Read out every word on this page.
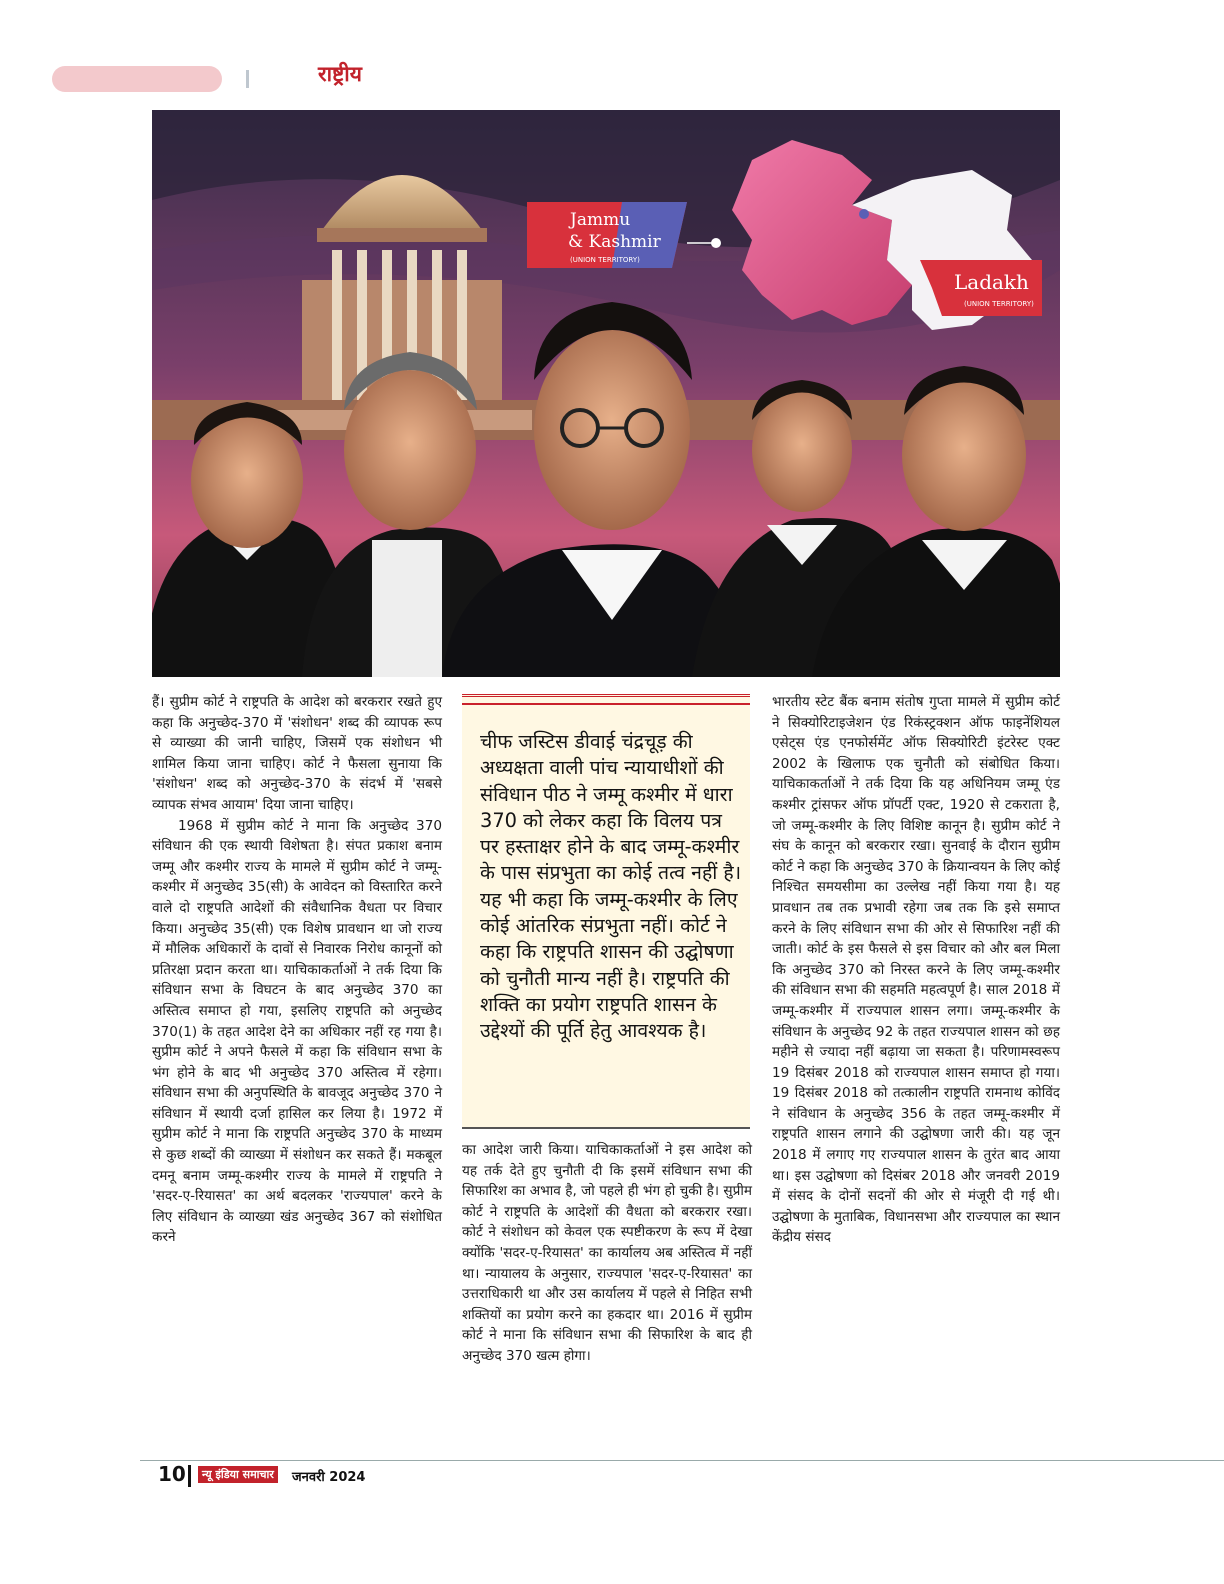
राष्ट्रीय
Jammu
& Kashmir
(UNION TERRITORY)
Ladakh
(UNION TERRITORY)

हैं। सुप्रीम कोर्ट ने राष्ट्रपति के आदेश को बरकरार रखते हुए कहा कि अनुच्छेद-370 में 'संशोधन' शब्द की व्यापक रूप से व्याख्या की जानी चाहिए, जिसमें एक संशोधन भी शामिल किया जाना चाहिए। कोर्ट ने फैसला सुनाया कि 'संशोधन' शब्द को अनुच्छेद-370 के संदर्भ में 'सबसे व्यापक संभव आयाम' दिया जाना चाहिए।

1968 में सुप्रीम कोर्ट ने माना कि अनुच्छेद 370 संविधान की एक स्थायी विशेषता है। संपत प्रकाश बनाम जम्मू और कश्मीर राज्य के मामले में सुप्रीम कोर्ट ने जम्मू-कश्मीर में अनुच्छेद 35(सी) के आवेदन को विस्तारित करने वाले दो राष्ट्रपति आदेशों की संवैधानिक वैधता पर विचार किया। अनुच्छेद 35(सी) एक विशेष प्रावधान था जो राज्य में मौलिक अधिकारों के दावों से निवारक निरोध कानूनों को प्रतिरक्षा प्रदान करता था। याचिकाकर्ताओं ने तर्क दिया कि संविधान सभा के विघटन के बाद अनुच्छेद 370 का अस्तित्व समाप्त हो गया, इसलिए राष्ट्रपति को अनुच्छेद 370(1) के तहत आदेश देने का अधिकार नहीं रह गया है। सुप्रीम कोर्ट ने अपने फैसले में कहा कि संविधान सभा के भंग होने के बाद भी अनुच्छेद 370 अस्तित्व में रहेगा। संविधान सभा की अनुपस्थिति के बावजूद अनुच्छेद 370 ने संविधान में स्थायी दर्जा हासिल कर लिया है। 1972 में सुप्रीम कोर्ट ने माना कि राष्ट्रपति अनुच्छेद 370 के माध्यम से कुछ शब्दों की व्याख्या में संशोधन कर सकते हैं। मकबूल दमनू बनाम जम्मू-कश्मीर राज्य के मामले में राष्ट्रपति ने 'सदर-ए-रियासत' का अर्थ बदलकर 'राज्यपाल' करने के लिए संविधान के व्याख्या खंड अनुच्छेद 367 को संशोधित करने

चीफ जस्टिस डीवाई चंद्रचूड़ की अध्यक्षता वाली पांच न्यायाधीशों की संविधान पीठ ने जम्मू कश्मीर में धारा 370 को लेकर कहा कि विलय पत्र पर हस्ताक्षर होने के बाद जम्मू-कश्मीर के पास संप्रभुता का कोई तत्व नहीं है। यह भी कहा कि जम्मू-कश्मीर के लिए कोई आंतरिक संप्रभुता नहीं। कोर्ट ने कहा कि राष्ट्रपति शासन की उद्घोषणा को चुनौती मान्य नहीं है। राष्ट्रपति की शक्ति का प्रयोग राष्ट्रपति शासन के उद्देश्यों की पूर्ति हेतु आवश्यक है।

का आदेश जारी किया। याचिकाकर्ताओं ने इस आदेश को यह तर्क देते हुए चुनौती दी कि इसमें संविधान सभा की सिफारिश का अभाव है, जो पहले ही भंग हो चुकी है। सुप्रीम कोर्ट ने राष्ट्रपति के आदेशों की वैधता को बरकरार रखा। कोर्ट ने संशोधन को केवल एक स्पष्टीकरण के रूप में देखा क्योंकि 'सदर-ए-रियासत' का कार्यालय अब अस्तित्व में नहीं था। न्यायालय के अनुसार, राज्यपाल 'सदर-ए-रियासत' का उत्तराधिकारी था और उस कार्यालय में पहले से निहित सभी शक्तियों का प्रयोग करने का हकदार था। 2016 में सुप्रीम कोर्ट ने माना कि संविधान सभा की सिफारिश के बाद ही अनुच्छेद 370 खत्म होगा।

भारतीय स्टेट बैंक बनाम संतोष गुप्ता मामले में सुप्रीम कोर्ट ने सिक्योरिटाइजेशन एंड रिकंस्ट्रक्शन ऑफ फाइनेंशियल एसेट्स एंड एनफोर्समेंट ऑफ सिक्योरिटी इंटरेस्ट एक्ट 2002 के खिलाफ एक चुनौती को संबोधित किया। याचिकाकर्ताओं ने तर्क दिया कि यह अधिनियम जम्मू एंड कश्मीर ट्रांसफर ऑफ प्रॉपर्टी एक्ट, 1920 से टकराता है, जो जम्मू-कश्मीर के लिए विशिष्ट कानून है। सुप्रीम कोर्ट ने संघ के कानून को बरकरार रखा। सुनवाई के दौरान सुप्रीम कोर्ट ने कहा कि अनुच्छेद 370 के क्रियान्वयन के लिए कोई निश्चित समयसीमा का उल्लेख नहीं किया गया है। यह प्रावधान तब तक प्रभावी रहेगा जब तक कि इसे समाप्त करने के लिए संविधान सभा की ओर से सिफारिश नहीं की जाती। कोर्ट के इस फैसले से इस विचार को और बल मिला कि अनुच्छेद 370 को निरस्त करने के लिए जम्मू-कश्मीर की संविधान सभा की सहमति महत्वपूर्ण है। साल 2018 में जम्मू-कश्मीर में राज्यपाल शासन लगा। जम्मू-कश्मीर के संविधान के अनुच्छेद 92 के तहत राज्यपाल शासन को छह महीने से ज्यादा नहीं बढ़ाया जा सकता है। परिणामस्वरूप 19 दिसंबर 2018 को राज्यपाल शासन समाप्त हो गया। 19 दिसंबर 2018 को तत्कालीन राष्ट्रपति रामनाथ कोविंद ने संविधान के अनुच्छेद 356 के तहत जम्मू-कश्मीर में राष्ट्रपति शासन लगाने की उद्घोषणा जारी की। यह जून 2018 में लगाए गए राज्यपाल शासन के तुरंत बाद आया था। इस उद्घोषणा को दिसंबर 2018 और जनवरी 2019 में संसद के दोनों सदनों की ओर से मंजूरी दी गई थी। उद्घोषणा के मुताबिक, विधानसभा और राज्यपाल का स्थान केंद्रीय संसद

10	न्यू इंडिया समाचार	जनवरी 2024
